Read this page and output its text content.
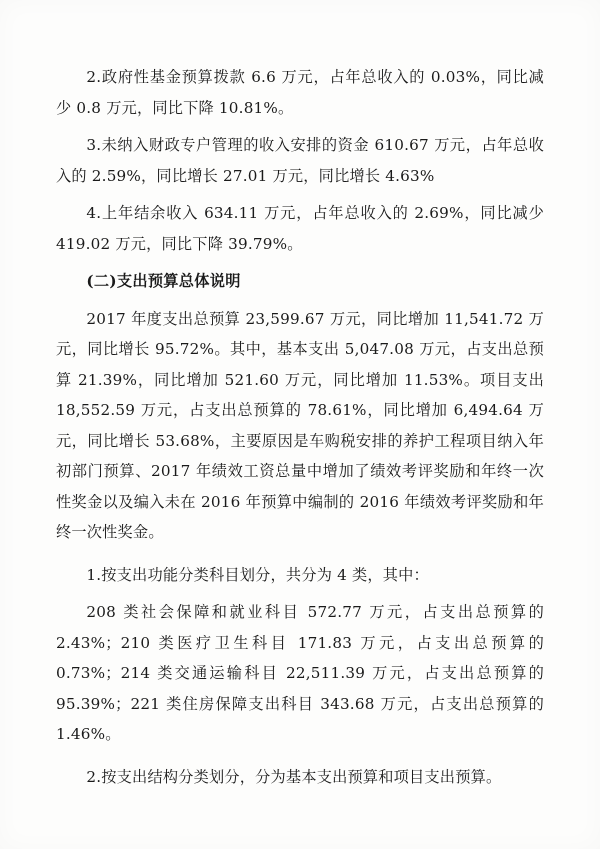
2.政府性基金预算拨款 6.6 万元，占年总收入的 0.03%，同比减少 0.8 万元，同比下降 10.81%。

3.未纳入财政专户管理的收入安排的资金 610.67 万元，占年总收入的 2.59%，同比增长 27.01 万元，同比增长 4.63%

4.上年结余收入 634.11 万元，占年总收入的 2.69%，同比减少 419.02 万元，同比下降 39.79%。

(二)支出预算总体说明

2017 年度支出总预算 23,599.67 万元，同比增加 11,541.72 万元，同比增长 95.72%。其中，基本支出 5,047.08 万元，占支出总预算 21.39%，同比增加 521.60 万元，同比增加 11.53%。项目支出 18,552.59 万元，占支出总预算的 78.61%，同比增加 6,494.64 万元，同比增长 53.68%，主要原因是车购税安排的养护工程项目纳入年初部门预算、2017 年绩效工资总量中增加了绩效考评奖励和年终一次性奖金以及编入未在 2016 年预算中编制的 2016 年绩效考评奖励和年终一次性奖金。

1.按支出功能分类科目划分，共分为 4 类，其中：

208 类社会保障和就业科目 572.77 万元，占支出总预算的 2.43%；210 类医疗卫生科目 171.83 万元，占支出总预算的 0.73%；214 类交通运输科目 22,511.39 万元，占支出总预算的 95.39%；221 类住房保障支出科目 343.68 万元，占支出总预算的 1.46%。

2.按支出结构分类划分，分为基本支出预算和项目支出预算。
